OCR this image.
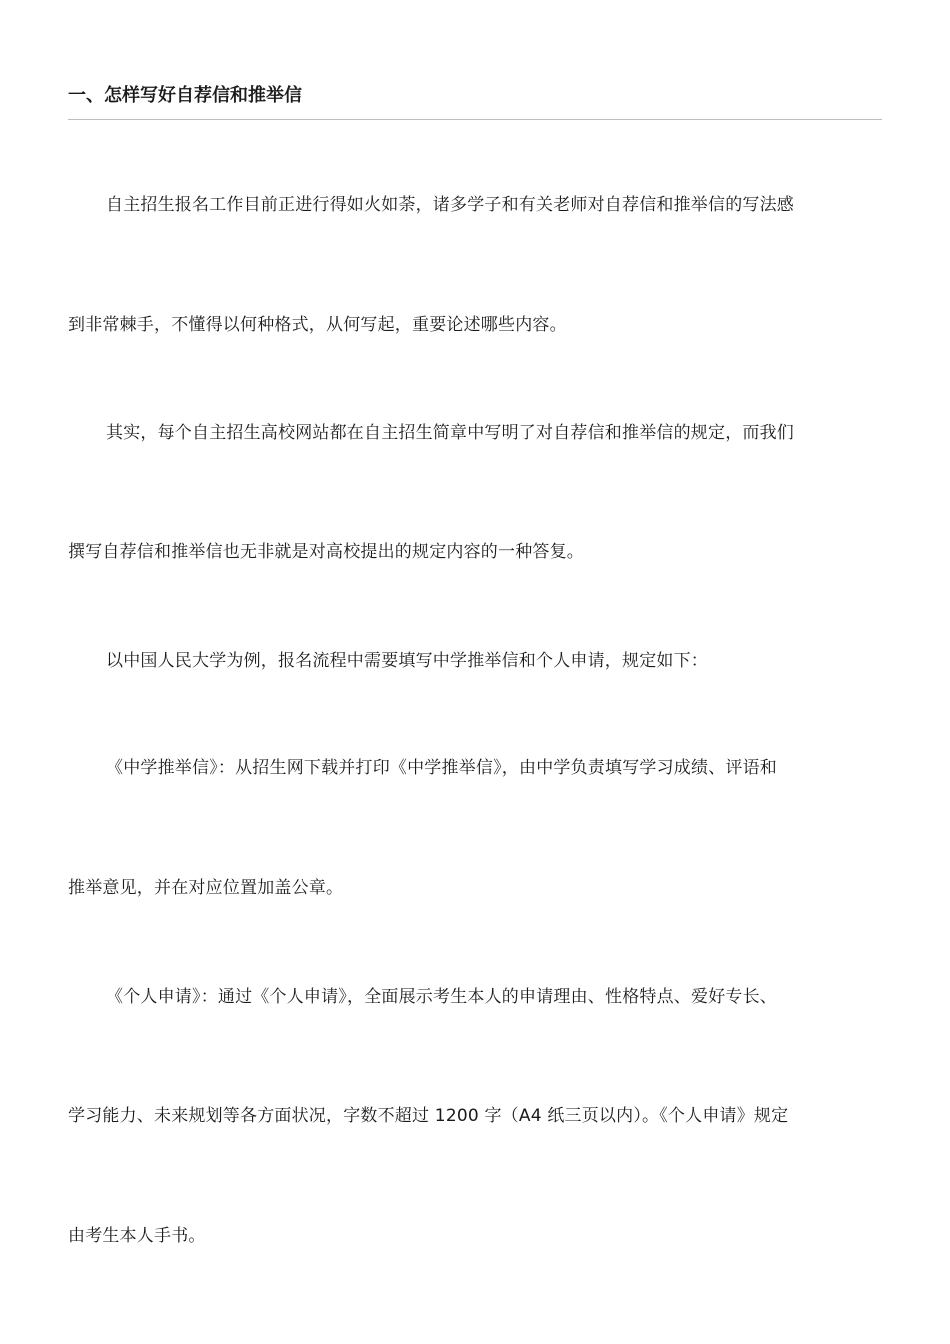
一、怎样写好自荐信和推举信
自主招生报名工作目前正进行得如火如荼，诸多学子和有关老师对自荐信和推举信的写法感
到非常棘手，不懂得以何种格式，从何写起，重要论述哪些内容。
其实，每个自主招生高校网站都在自主招生简章中写明了对自荐信和推举信的规定，而我们
撰写自荐信和推举信也无非就是对高校提出的规定内容的一种答复。
以中国人民大学为例，报名流程中需要填写中学推举信和个人申请，规定如下：
《中学推举信》：从招生网下载并打印《中学推举信》，由中学负责填写学习成绩、评语和
推举意见，并在对应位置加盖公章。
《个人申请》：通过《个人申请》，全面展示考生本人的申请理由、性格特点、爱好专长、
学习能力、未来规划等各方面状况，字数不超过 1200 字（A4 纸三页以内）。《个人申请》规定
由考生本人手书。
